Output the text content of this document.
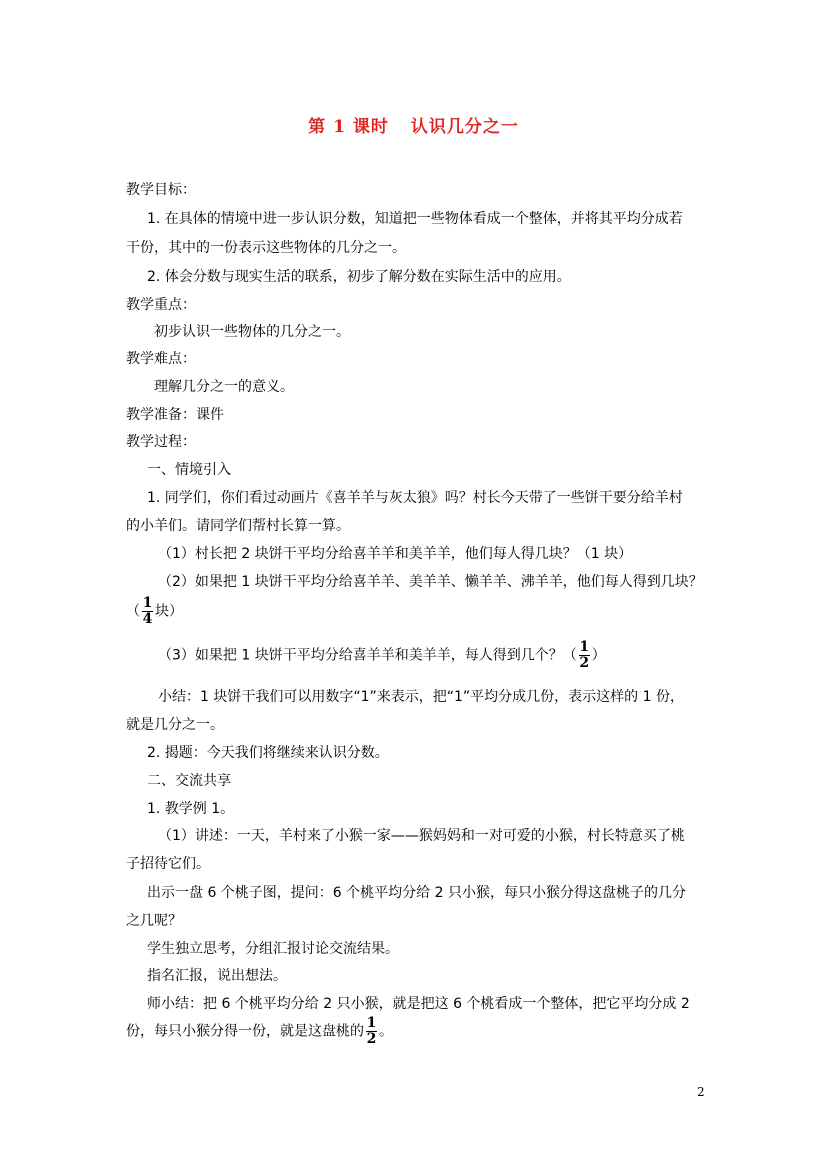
第 1 课时 认识几分之一
教学目标：
1. 在具体的情境中进一步认识分数，知道把一些物体看成一个整体，并将其平均分成若
干份，其中的一份表示这些物体的几分之一。
2. 体会分数与现实生活的联系，初步了解分数在实际生活中的应用。
教学重点：
初步认识一些物体的几分之一。
教学难点：
理解几分之一的意义。
教学准备：课件
教学过程：
一、情境引入
1. 同学们，你们看过动画片《喜羊羊与灰太狼》吗？村长今天带了一些饼干要分给羊村
的小羊们。请同学们帮村长算一算。
（1）村长把 2 块饼干平均分给喜羊羊和美羊羊，他们每人得几块？（1 块）
（2）如果把 1 块饼干平均分给喜羊羊、美羊羊、懒羊羊、沸羊羊，他们每人得到几块？
（ $\frac{1}{4}$ 块）
（3）如果把 1 块饼干平均分给喜羊羊和美羊羊，每人得到几个？（ $\frac{1}{2}$ ）
小结：1 块饼干我们可以用数字“1”来表示，把“1”平均分成几份，表示这样的 1 份，
就是几分之一。
2. 揭题：今天我们将继续来认识分数。
二、交流共享
1. 教学例 1。
（1）讲述：一天，羊村来了小猴一家——猴妈妈和一对可爱的小猴，村长特意买了桃
子招待它们。
出示一盘 6 个桃子图，提问：6 个桃平均分给 2 只小猴，每只小猴分得这盘桃子的几分
之几呢？
学生独立思考，分组汇报讨论交流结果。
指名汇报，说出想法。
师小结：把 6 个桃平均分给 2 只小猴，就是把这 6 个桃看成一个整体，把它平均分成 2
份，每只小猴分得一份，就是这盘桃的 $\frac{1}{2}$ 。
2
